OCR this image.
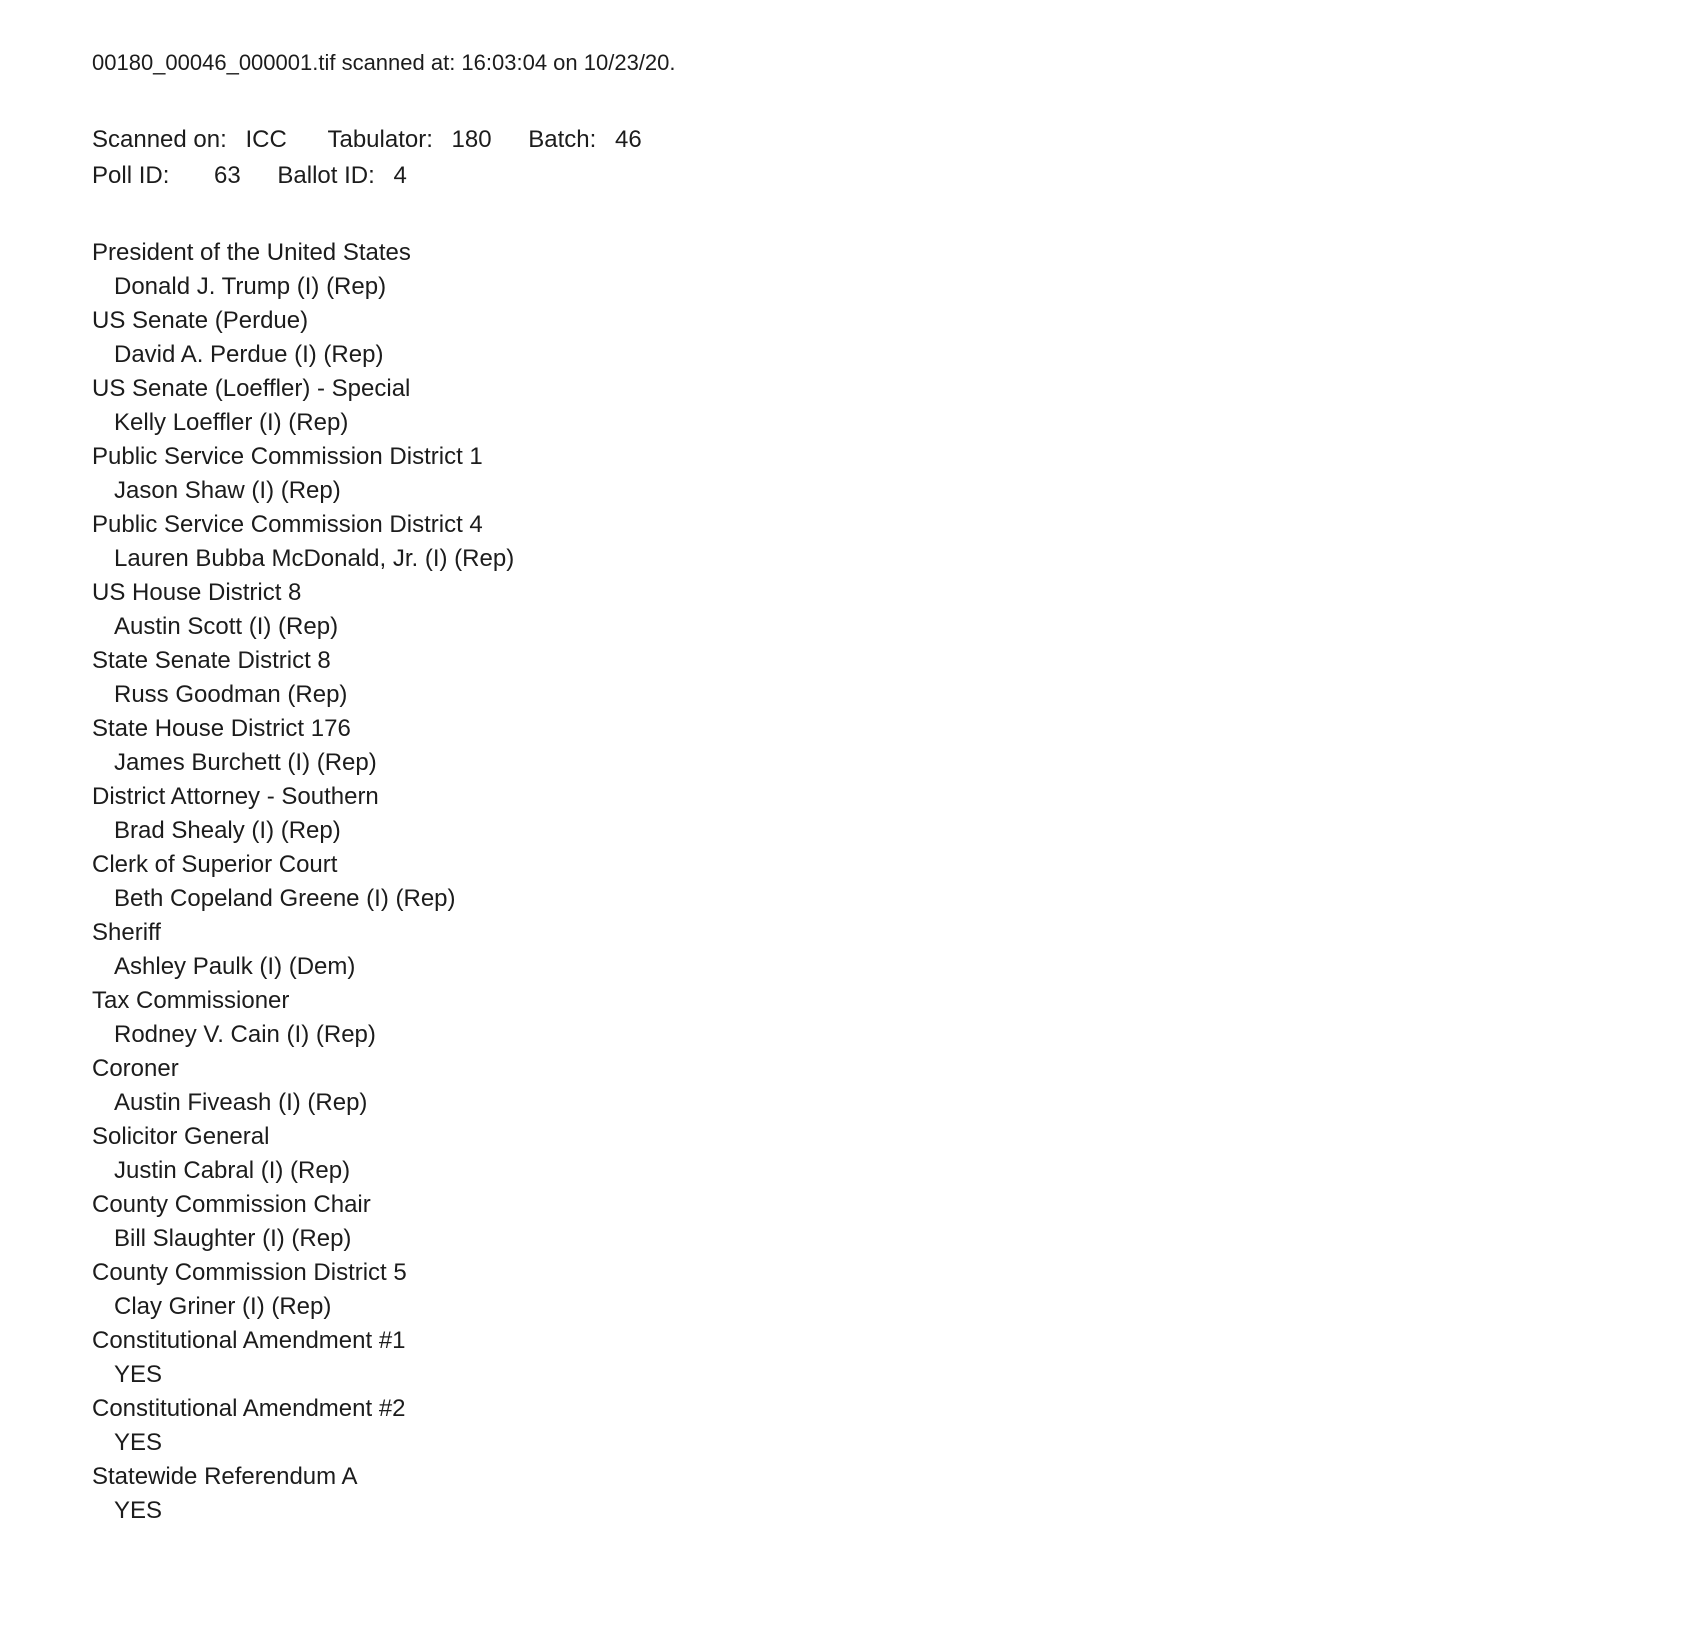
00180_00046_000001.tif scanned at: 16:03:04 on 10/23/20.
Scanned on: ICC Tabulator: 180 Batch: 46
Poll ID: 63 Ballot ID: 4
President of the United States
Donald J. Trump (I) (Rep)
US Senate (Perdue)
David A. Perdue (I) (Rep)
US Senate (Loeffler) - Special
Kelly Loeffler (I) (Rep)
Public Service Commission District 1
Jason Shaw (I) (Rep)
Public Service Commission District 4
Lauren Bubba McDonald, Jr. (I) (Rep)
US House District 8
Austin Scott (I) (Rep)
State Senate District 8
Russ Goodman (Rep)
State House District 176
James Burchett (I) (Rep)
District Attorney - Southern
Brad Shealy (I) (Rep)
Clerk of Superior Court
Beth Copeland Greene (I) (Rep)
Sheriff
Ashley Paulk (I) (Dem)
Tax Commissioner
Rodney V. Cain (I) (Rep)
Coroner
Austin Fiveash (I) (Rep)
Solicitor General
Justin Cabral (I) (Rep)
County Commission Chair
Bill Slaughter (I) (Rep)
County Commission District 5
Clay Griner (I) (Rep)
Constitutional Amendment #1
YES
Constitutional Amendment #2
YES
Statewide Referendum A
YES
